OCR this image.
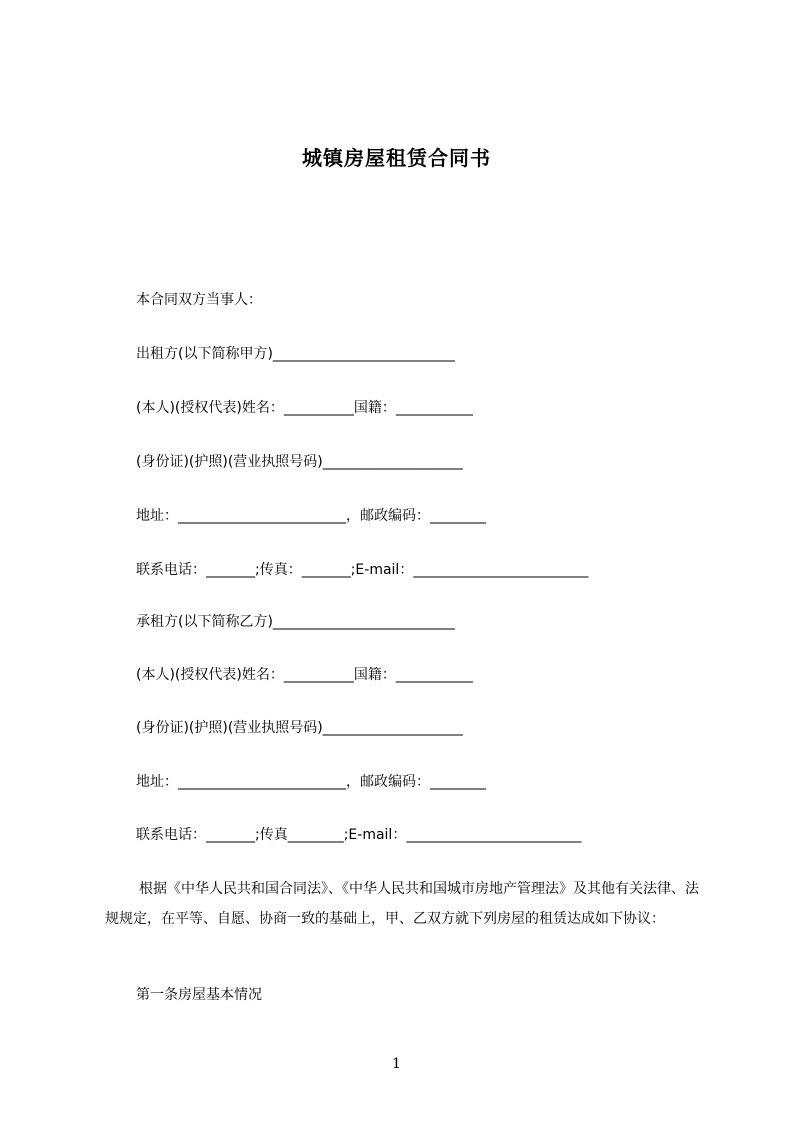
城镇房屋租赁合同书
本合同双方当事人：
出租方(以下简称甲方)__________________________
(本人)(授权代表)姓名：__________国籍：___________
(身份证)(护照)(营业执照号码)____________________
地址：________________________，邮政编码：________
联系电话：_______;传真：_______;E-mail：_________________________
承租方(以下简称乙方)__________________________
(本人)(授权代表)姓名：__________国籍：___________
(身份证)(护照)(营业执照号码)____________________
地址：________________________，邮政编码：________
联系电话：_______;传真________;E-mail：_________________________
根据《中华人民共和国合同法》、《中华人民共和国城市房地产管理法》及其他有关法律、法规规定，在平等、自愿、协商一致的基础上，甲、乙双方就下列房屋的租赁达成如下协议：
第一条房屋基本情况
1
